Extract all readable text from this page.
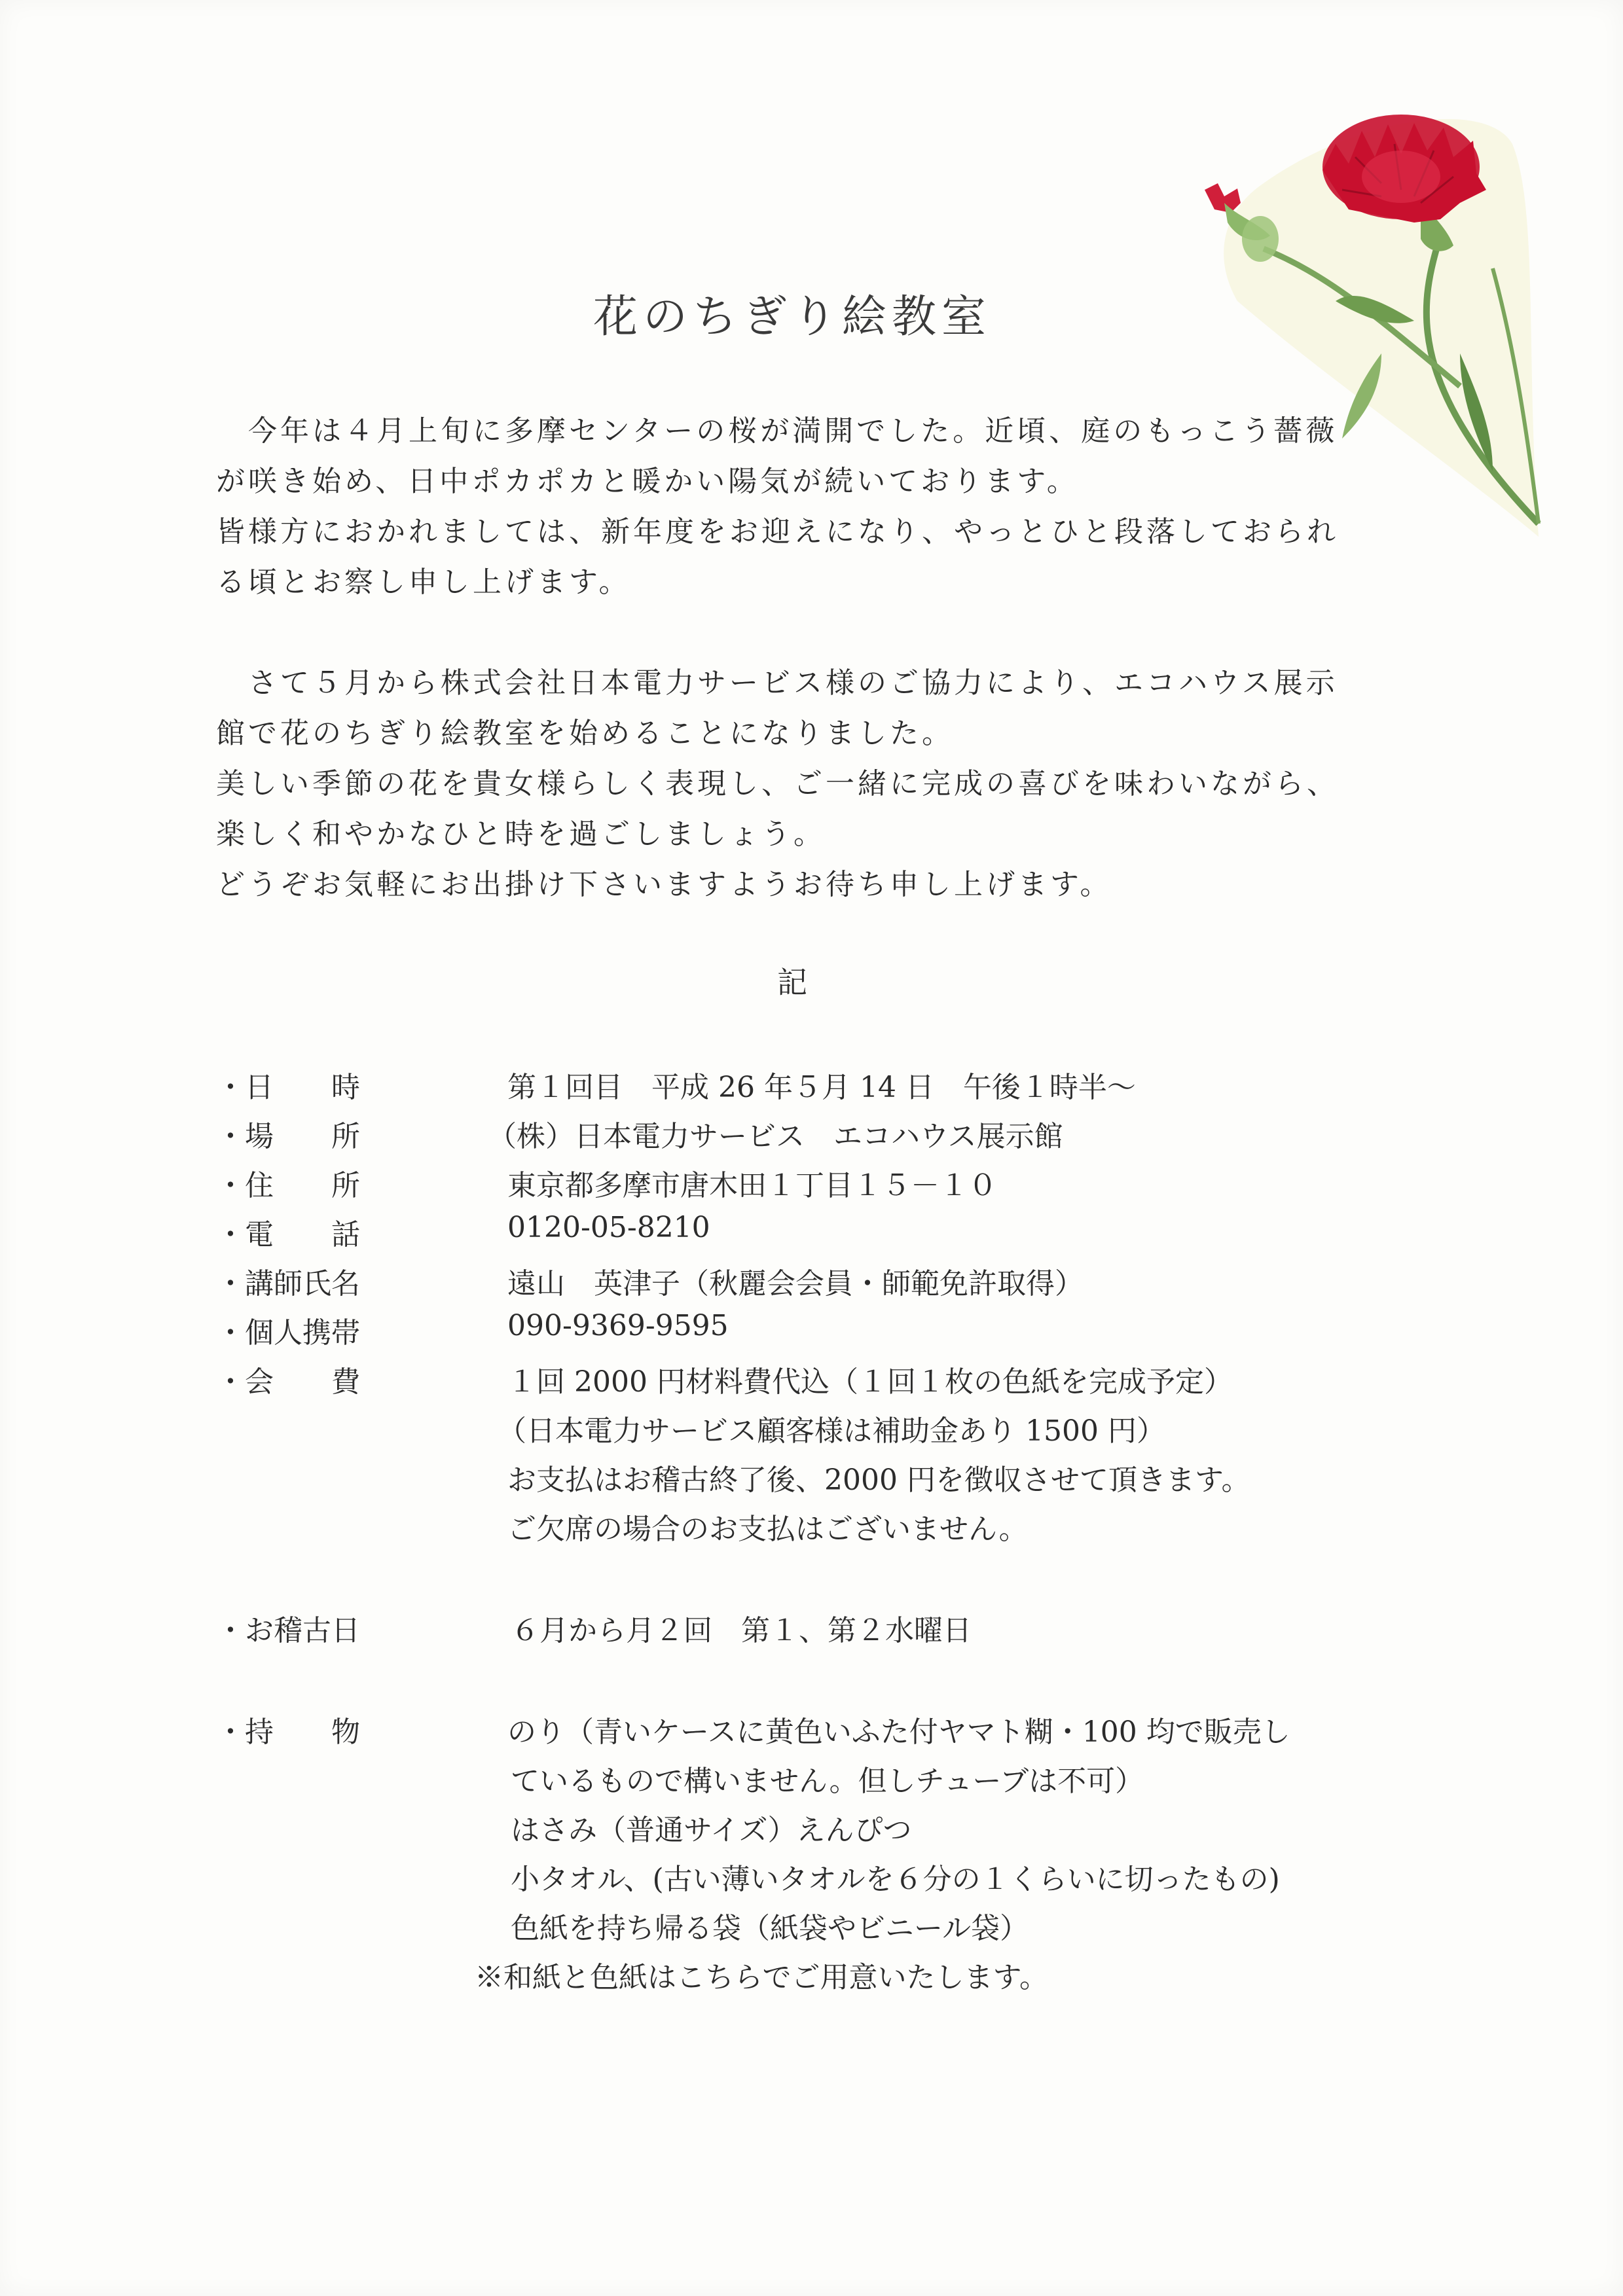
花のちぎり絵教室
　今年は４月上旬に多摩センターの桜が満開でした。近頃、庭のもっこう薔薇
が咲き始め、日中ポカポカと暖かい陽気が続いております。
皆様方におかれましては、新年度をお迎えになり、やっとひと段落しておられ
る頃とお察し申し上げます。
　さて５月から株式会社日本電力サービス様のご協力により、エコハウス展示
館で花のちぎり絵教室を始めることになりました。
美しい季節の花を貴女様らしく表現し、ご一緒に完成の喜びを味わいながら、
楽しく和やかなひと時を過ごしましょう。
どうぞお気軽にお出掛け下さいますようお待ち申し上げます。
記
・日　　時	第１回目　平成 26 年５月 14 日　午後１時半～
・場　　所	（株）日本電力サービス　エコハウス展示館
・住　　所	東京都多摩市唐木田１丁目１５－１０
・電　　話	0120-05-8210
・講師氏名	遠山　英津子（秋麗会会員・師範免許取得）
・個人携帯	090-9369-9595
・会　　費	１回 2000 円材料費代込（１回１枚の色紙を完成予定）
（日本電力サービス顧客様は補助金あり 1500 円）
お支払はお稽古終了後、2000 円を徴収させて頂きます。
ご欠席の場合のお支払はございません。
・お稽古日	６月から月２回　第１、第２水曜日
・持　　物	のり（青いケースに黄色いふた付ヤマト糊・100 均で販売し
ているもので構いません。但しチューブは不可）
はさみ（普通サイズ）えんぴつ
小タオル、(古い薄いタオルを６分の１くらいに切ったもの)
色紙を持ち帰る袋（紙袋やビニール袋）
※和紙と色紙はこちらでご用意いたします。
